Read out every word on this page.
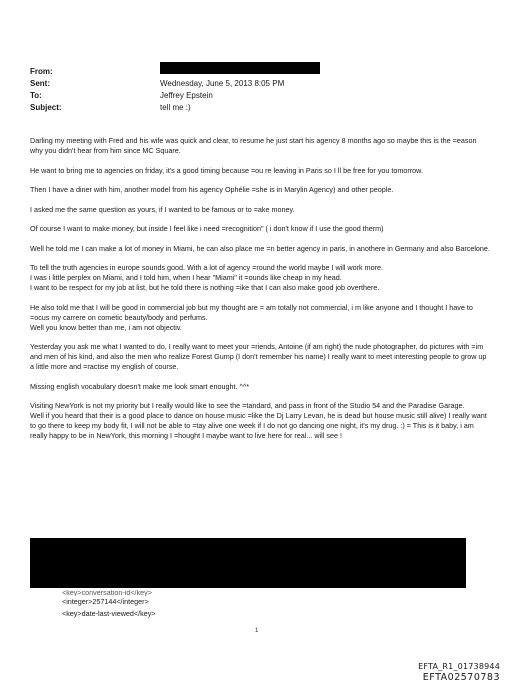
From:
Sent:	Wednesday, June 5, 2013 8:05 PM
To:	Jeffrey Epstein
Subject:	tell me :)

Darling my meeting with Fred and his wife was quick and clear, to resume he just start his agency 8 months ago so maybe this is the =eason why you didn't hear from him since MC Square.

He want to bring me to agencies on friday, it's a good timing because =ou re leaving in Paris so I ll be free for you tomorrow.

Then I have a diner with him, another model from his agency Ophélie =she is in Marylin Agency) and other people.

I asked me the same question as yours, if I wanted to be famous or to =ake money.

Of course I want to make money, but inside I feel like i need =recognition" ( i don't know if I use the good therm)

Well he told me I can make a lot of money in Miami, he can also place me =n better agency in paris, in anothere in Germany and also Barcelone.

To tell the truth agencies in europe sounds good. With a lot of agency =round the world maybe I will work more.
I was i little perplex on Miami, and I told him, when I hear "Miami" it =ounds like cheap in my head.
I want to be respect for my job at list, but he told there is nothing =ike that I can also make good job overthere.

He also told me that I will be good in commercial job but my thought are = am totally not commercial, i m like anyone and I thought I have to =ocus my carrere on cometic beauty/body and perfums.
Well you know better than me, i am not objectiv.

Yesterday you ask me what I wanted to do, I really want to meet your =riends, Antoine (if am right) the nude photographer, do pictures with =im and men of his kind, and also the men who realize Forest Gump (I don't remember his name) I really want to meet interesting people to grow up a little more and =ractise my english of course.

Missing english vocabulary doesn't make me look smart enought. ^^*

Visiting NewYork is not my priority but I really would like to see the =tandard, and pass in front of the Studio 54 and the Paradise Garage.
Well if you heard that their is a good place to dance on house music =like the Dj Larry Levan, he is dead but house music still alive) I really want to go there to keep my body fit, I will not be able to =tay alive one week if I do not go dancing one night, it's my drug. :) = This is it baby, i am really happy to be in NewYork, this morning I =hought I maybe want to live here for real... will see !

<key>conversation-id</key>
<integer>257144</integer>
<key>date-last-viewed</key>
1
EFTA_R1_01738944
EFTA02570783
